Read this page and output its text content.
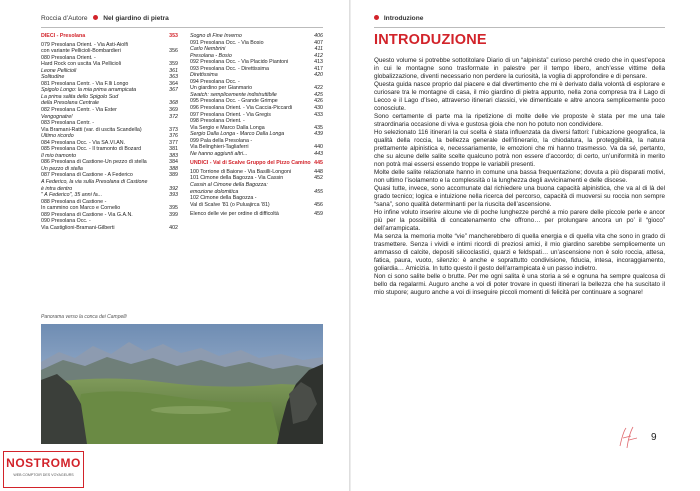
Roccia d’Autore Nel giardino di pietra
DIECI - Presolana	353
079 Presolana Orient. - Via Asti-Aiolfi
con variante Pellicioli-Bombardieri	356
080 Presolana Orient. -
Hard Rock con uscita Via Pellicioli	359
Leone Pellicioli	361
Solitudine	363
081 Presolana Centr. - Via F.lli Longo	364
Spigolo Longo: la mia prima arrampicata	367
La prima salita dello Spigolo Sud
della Presolana Centrale	368
082 Presolana Centr. - Via Ester	369
Vengognatre!	372
083 Presolana Centr. -
Via Bramani-Ratti (var. di uscita Scandella)	373
Ultimo ricordo	376
084 Presolana Occ. - Via SA.VI.AN.	377
085 Presolana Occ. - Il tramonto di Bozard	381
Il mio tramonto	383
086 Presolana di Castione-Un pezzo di stella	384
Un pezzo di stella	388
087 Presolana di Castione - A Federico	389
A Federico, la via sulla Presolana di Castione
è intra dentro	392
" A Federico", 35 anni fa...	393
088 Presolana di Castione -
In cammino con Marco e Cornelio	395
089 Presolana di Castione - Via G.A.N.	399
090 Presolana Occ. -
Via Castiglioni-Bramani-Gilberti	402
Sogno di Fine Inverno	406
091 Presolana Occ. - Via Bosio	407
Carlo Nembrini	411
Presolana - Bosio	412
092 Presolana Occ. - Via Placido Piantoni	413
093 Presolana Occ. - Direttissima	417
Direttissima	420
094 Presolana Occ. -
Un giardino per Gianmario	422
Swatch: semplicemente indistruttibile	425
095 Presolana Occ. - Grande Grimpe	426
096 Presolana Orient. - Via Caccia-Piccardi	430
097 Presolana Orient. - Via Gregis	433
098 Presolana Orient. -
Via Sergio e Marco Dalla Longa	435
Sergio Dalla Longa - Marco Dalla Longa	439
099 Pala della Presolana -
Via Belinghieri-Tagliaferri	440
Ne hanno aggiunti altri...	443
UNDICI - Val di Scalve Gruppo del Pizzo Camino 445
100 Torrione di Baione - Via Basilli-Longoni	448
101 Cimone della Bagozza - Via Cassin	452
Cassin al Cimone della Bagozza:
emozione dolomitica	455
102 Cimone della Bagozza -
Val di Scalve '81 (o Puluajirca '81)	456
Elenco delle vie per ordine di difficoltà	459
Panorama verso la conca dei Campelli
Introduzione
INTRODUZIONE

Questo volume si potrebbe sottotitolare Diario di un “alpinista” curioso perché credo che in quest’epoca in cui le montagne sono trasformate in palestre per il tempo libero, anch’esse vittime della globalizzazione, diventi necessario non perdere la curiosità, la voglia di approfondire e di pensare.

Questa guida nasce proprio dal piacere e dal divertimento che mi è derivato dalla volontà di esplorare e curiosare tra le montagne di casa, il mio giardino di pietra appunto, nella zona compresa tra il Lago di Lecco e il Lago d’Iseo, attraverso itinerari classici, vie dimenticate e altre ancora semplicemente poco conosciute.

Sono certamente di parte ma la ripetizione di molte delle vie proposte è stata per me una tale straordinaria occasione di viva e gustosa gioia che non ho potuto non condividere.

Ho selezionato 116 itinerari la cui scelta è stata influenzata da diversi fattori: l’ubicazione geografica, la qualità della roccia, la bellezza generale dell’itinerario, la chiodatura, la proteggibilità, la natura prettamente alpinistica e, necessariamente, le emozioni che mi hanno trasmesso. Va da sé, pertanto, che su alcune delle salite scelte qualcuno potrà non essere d’accordo; di certo, un’uniformità in merito non potrà mai essersi essendo troppe le variabili presenti.

Molte delle salite relazionate hanno in comune una bassa frequentazione; dovuta a più disparati motivi, non ultimo l’isolamento e la complessità o la lunghezza degli avvicinamenti e delle discese.

Quasi tutte, invece, sono accomunate dal richiedere una buona capacità alpinistica, che va al di là del grado tecnico; logica e intuizione nella ricerca del percorso, capacità di muoversi su roccia non sempre “sana”, sono qualità determinanti per la riuscita dell’ascensione.

Ho infine voluto inserire alcune vie di poche lunghezze perché a mio parere delle piccole perle e ancor più per la possibilità di concatenamento che offrono… per prolungare ancora un po’ il “gioco” dell’arrampicata.

Ma senza la memoria molte “vie” mancherebbero di quella energia e di quella vita che sono in grado di trasmettere. Senza i vividi e intimi ricordi di preziosi amici, il mio giardino sarebbe semplicemente un ammasso di calcite, depositi silicoclastici, quarzi e feldspati… un’ascensione non è solo roccia, attesa, fatica, paura, vuoto, silenzio: è anche e soprattutto condivisione, fiducia, intesa, incoraggiamento, goliardia… Amicizia. In tutto questo il gesto dell’arrampicata è un passo indietro.

Non ci sono salite belle o brutte. Per me ogni salita è una storia a sé e ognuna ha sempre qualcosa di bello da regalarmi. Auguro anche a voi di poter trovare in questi itinerari la bellezza che ha suscitato il mio stupore; auguro anche a voi di inseguire piccoli momenti di felicità per continuare a sognare!

9
NOSTROMO
WEB COMPTOIR DES VOYAGEURS
